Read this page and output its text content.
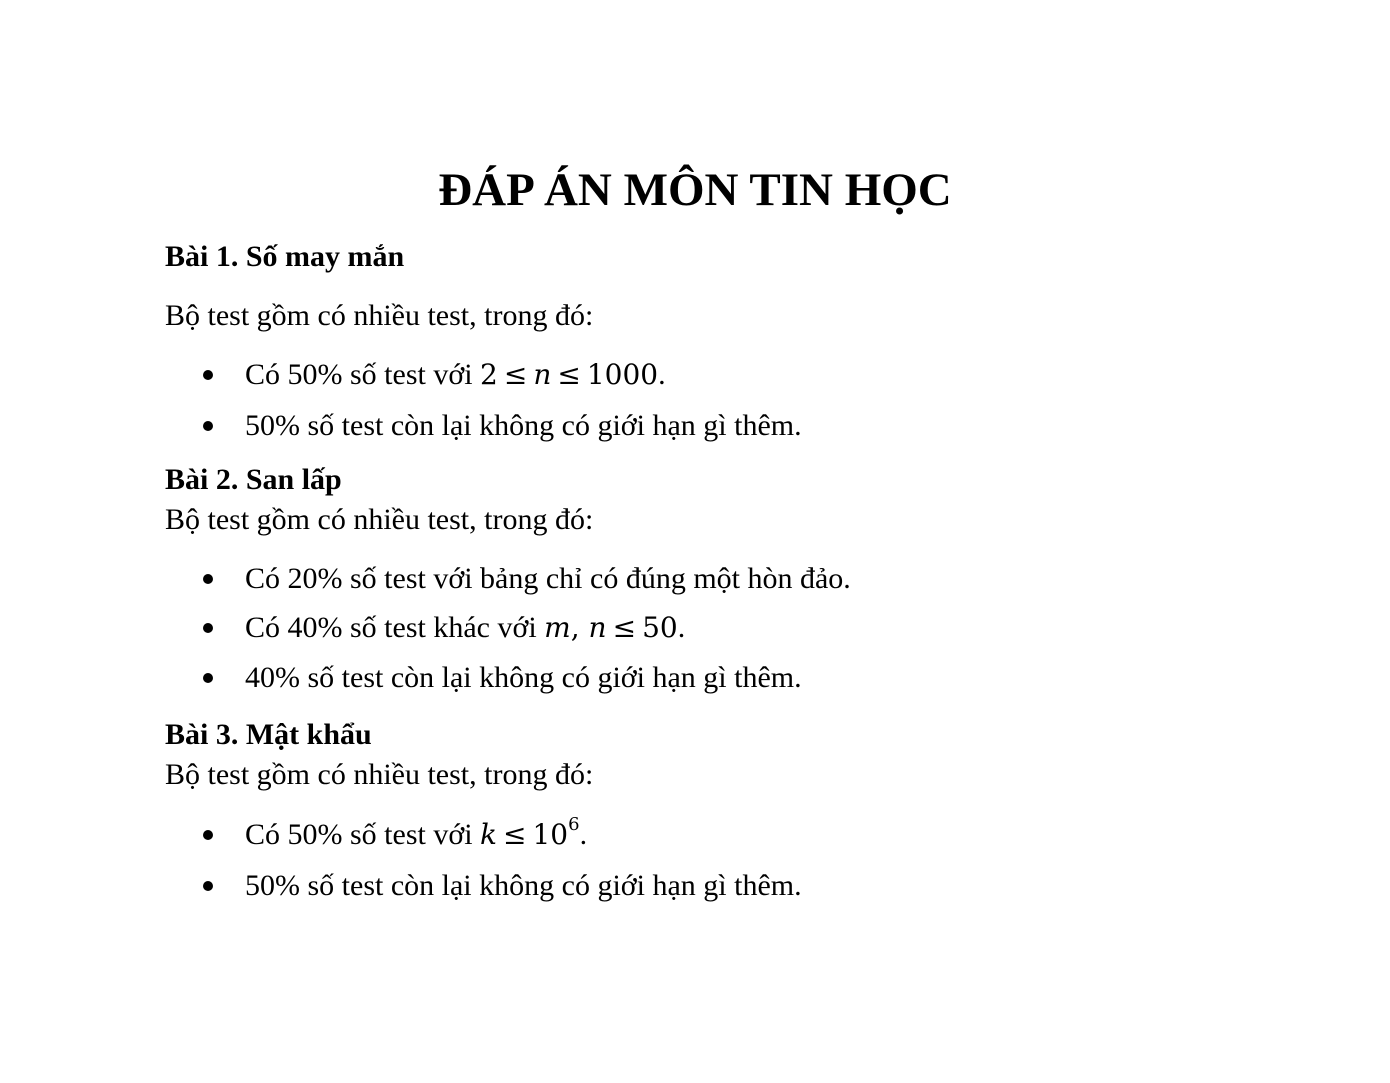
ĐÁP ÁN MÔN TIN HỌC
Bài 1. Số may mắn

Bộ test gồm có nhiều test, trong đó:

Có 50% số test với 2 ≤ n ≤ 1000.
50% số test còn lại không có giới hạn gì thêm.
Bài 2. San lấp

Bộ test gồm có nhiều test, trong đó:

Có 20% số test với bảng chỉ có đúng một hòn đảo.
Có 40% số test khác với m, n ≤ 50.
40% số test còn lại không có giới hạn gì thêm.
Bài 3. Mật khẩu

Bộ test gồm có nhiều test, trong đó:

Có 50% số test với $k \le 10^6$.
50% số test còn lại không có giới hạn gì thêm.
